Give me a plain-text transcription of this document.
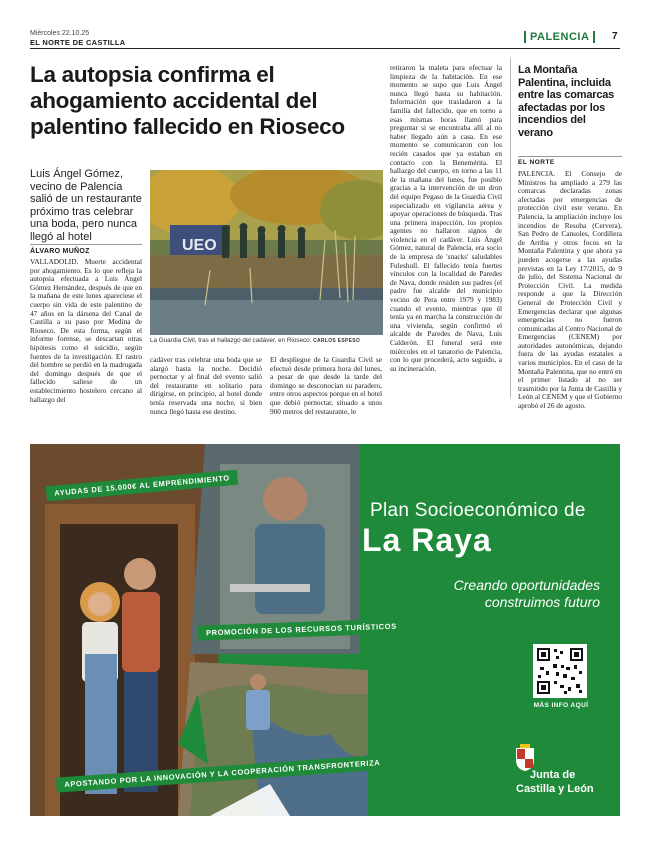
Miércoles 22.10.25
EL NORTE DE CASTILLA	PALENCIA	7
La autopsia confirma el ahogamiento accidental del palentino fallecido en Rioseco
Luis Ángel Gómez, vecino de Palencia salió de un restaurante próximo tras celebrar una boda, pero nunca llegó al hotel
ÁLVARO MUÑOZ

VALLADOLID. Muerte accidental por ahogamiento. Es lo que refleja la autopsia efectuada a Luis Ángel Gómez Hernández, después de que en la mañana de este lunes apareciese el cuerpo sin vida de este palentino de 47 años en la dársena del Canal de Castilla a su paso por Medina de Rioseco. De esta forma, según el informe forense, se descartan otras hipótesis como el suicidio, según fuentes de la investigación. El rastro del hombre se perdió en la madrugada del domingo después de que el fallecido saliese de un establecimiento hostelero cercano al hallazgo del

UEO
La Guardia Civil, tras el hallazgo del cadáver, en Rioseco. CARLOS ESPESO

cadáver tras celebrar una boda que se alargó hasta la noche. Decidió pernoctar y al final del evento salió del restaurante en solitario para dirigirse, en principio, al hotel donde tenía reservada una noche, si bien nunca llegó hasta ese destino.

El despliegue de la Guardia Civil se efectuó desde primera hora del lunes, a pesar de que desde la tarde del domingo se desconocían su paradero, entre otros aspectos porque en el hotel que debió pernoctar, situado a unos 900 metros del restaurante, le

retiraron la maleta para efectuar la limpieza de la habitación. En ese momento se supo que Luis Ángel nunca llegó hasta su habitación. Información que trasladaron a la familia del fallecido, que en torno a esas mismas horas llamó para preguntar si se encontraba allí al no haber llegado aún a casa. En ese momento se comunicaron con los recién casados que ya estaban en contacto con la Benemérita. El hallazgo del cuerpo, en torno a las 11 de la mañana del lunes, fue posible gracias a la intervención de un dron del equipo Pegaso de la Guardia Civil especializado en vigilancia aérea y apoyar operaciones de búsqueda. Tras una primera inspección, los propios agentes no hallaron signos de violencia en el cadáver. Luis Ángel Gómez, natural de Palencia, era socio de la empresa de 'snacks' saludables Fuleshull. El fallecido tenía fuertes vínculos con la localidad de Paredes de Nava, donde residen sus padres (el padre fue alcalde del municipio vecino de Pera entre 1979 y 1983) cuando el evento, mientras que él tenía ya en marcha la construcción de una vivienda, según confirmó el alcalde de Paredes de Nava, Luis Calderón. El funeral será este miércoles en el tanatorio de Palencia, con lo que procederá, acto seguido, a su incineración.

La Montaña Palentina, incluida entre las comarcas afectadas por los incendios del verano
EL NORTE

PALENCIA. El Consejo de Ministros ha ampliado a 279 las comarcas declaradas zonas afectadas por emergencias de protección civil este verano. En Palencia, la ampliación incluye los incendios de Resoba (Cervera), San Pedro de Cansoles, Cordillera de Arriba y otros focos en la Montaña Palentina y que ahora ya pueden acogerse a las ayudas previstas en la Ley 17/2015, de 9 de julio, del Sistema Nacional de Protección Civil. La medida responde a que la Dirección General de Protección Civil y Emergencias declarar que algunas emergencias no fueron comunicadas al Centro Nacional de Emergencias (CENEM) por autoridades autonómicas, dejando fuera de las ayudas estatales a varios municipios. En el caso de la Montaña Palentina, que no entró en el primer listado al no ser trasmitido por la Junta de Castilla y León al CENEM y que el Gobierno aprobó el 26 de agosto.

Plan Socioeconómico de
La Raya
Creando oportunidades
construimos futuro
AYUDAS DE 15.000€ AL EMPRENDIMIENTO
PROMOCIÓN DE LOS RECURSOS TURÍSTICOS
APOSTANDO POR LA INNOVACIÓN Y LA COOPERACIÓN TRANSFRONTERIZA
MÁS INFO AQUÍ
Junta de
Castilla y León
